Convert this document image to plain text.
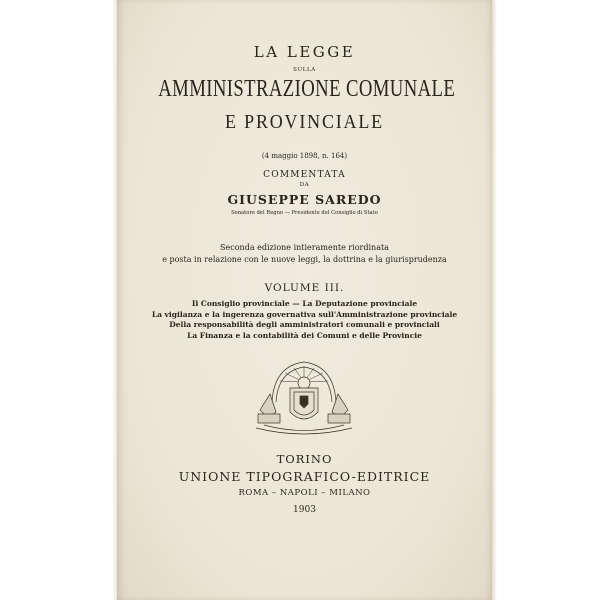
LA LEGGE
SULLA
AMMINISTRAZIONE COMUNALE
E PROVINCIALE
(4 maggio 1898, n. 164)
COMMENTATA
DA
GIUSEPPE SAREDO
Senatore del Regno — Presidente del Consiglio di Stato
Seconda edizione intieramente riordinata
e posta in relazione con le nuove leggi, la dottrina e la giurisprudenza
VOLUME III.
Il Consiglio provinciale — La Deputazione provinciale
La vigilanza e la ingerenza governativa sull'Amministrazione provinciale
Della responsabilità degli amministratori comunali e provinciali
La Finanza e la contabilità dei Comuni e delle Provincie
TORINO
UNIONE TIPOGRAFICO-EDITRICE
ROMA – NAPOLI – MILANO
1903
